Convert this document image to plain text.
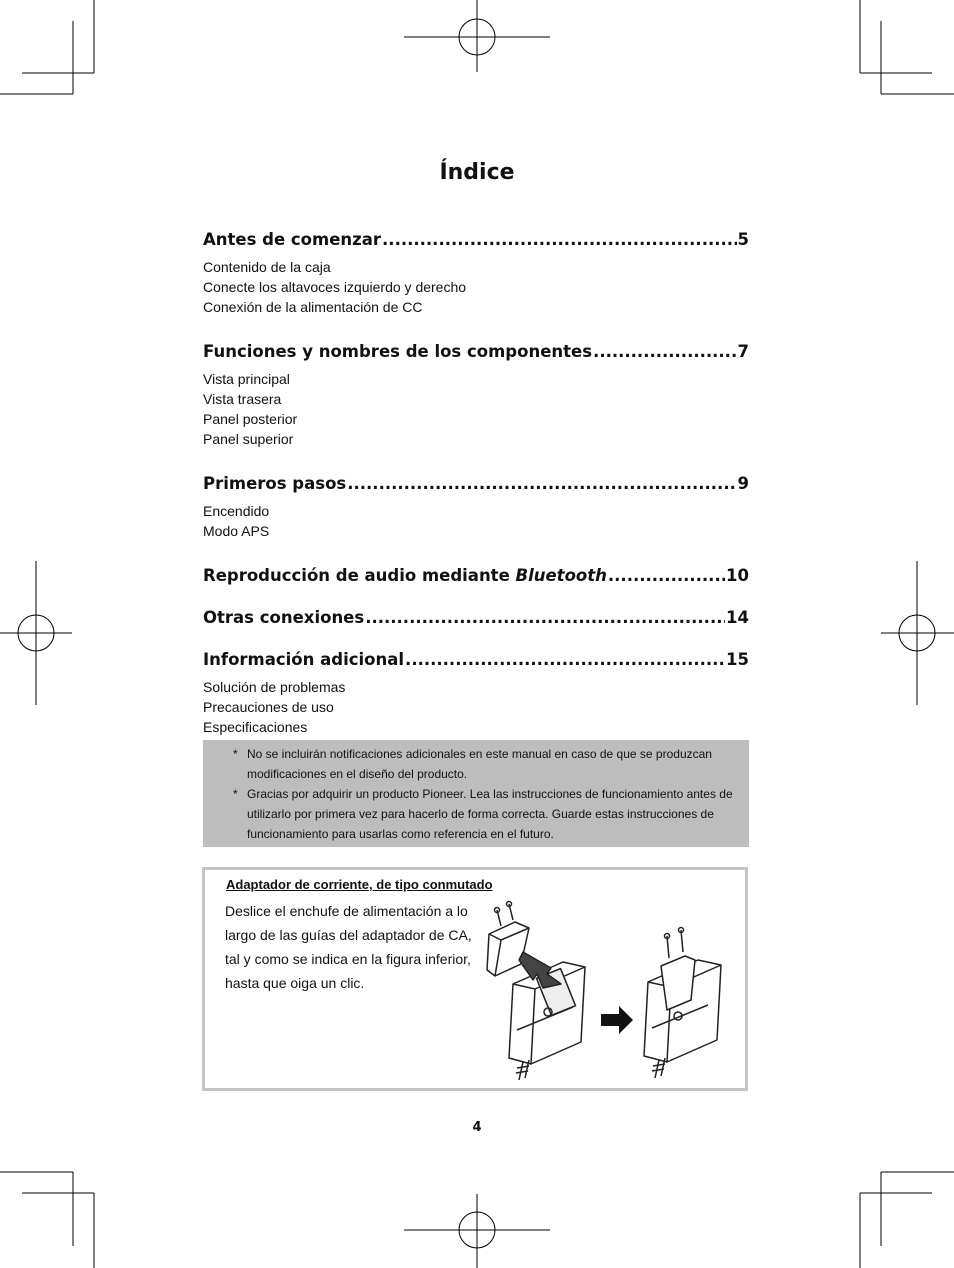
Índice
Antes de comenzar .....	5
Contenido de la caja
Conecte los altavoces izquierdo y derecho
Conexión de la alimentación de CC
Funciones y nombres de los componentes .....	7
Vista principal
Vista trasera
Panel posterior
Panel superior
Primeros pasos .....	9
Encendido
Modo APS
Reproducción de audio mediante Bluetooth .....	10
Otras conexiones .....	14
Información adicional .....	15
Solución de problemas
Precauciones de uso
Especificaciones
* No se incluirán notificaciones adicionales en este manual en caso de que se produzcan modificaciones en el diseño del producto.
* Gracias por adquirir un producto Pioneer. Lea las instrucciones de funcionamiento antes de utilizarlo por primera vez para hacerlo de forma correcta. Guarde estas instrucciones de funcionamiento para usarlas como referencia en el futuro.
Adaptador de corriente, de tipo conmutado
Deslice el enchufe de alimentación a lo largo de las guías del adaptador de CA, tal y como se indica en la figura inferior, hasta que oiga un clic.
4
